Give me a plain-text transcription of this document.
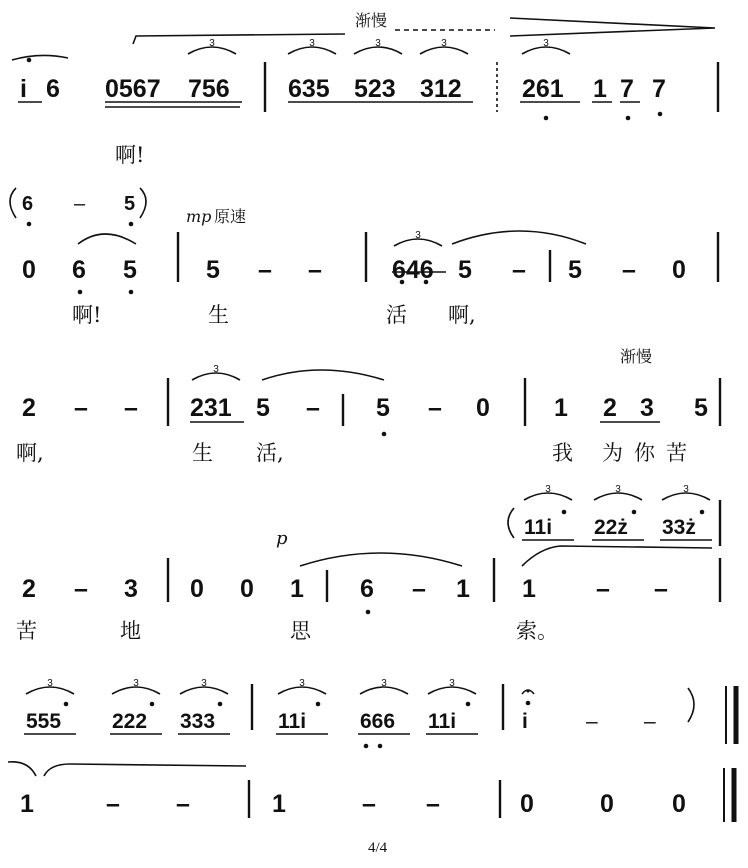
3	3	3	3	3
3
3
3	3	3
3	3	3	3	3	3
渐慢
渐慢
mp 原速
p
4/4
i 6 0567 756 635 523 312 261 1 7 7
6 – 5
0 6 5	5 – –	646 5 – 5 – 0
2 – – 231 5 – 5 – 0	1 2 3 5
11i 22ż 33ż
2 – 3 0 0 1 6 – 1 1 – –
555 222 333	11i	666 11i	i	– –
1	– –	1	– –	0	0 0
啊!
啊!	生	活 啊,
啊,	生 活,	我 为 你 苦
苦	地	思	索。
